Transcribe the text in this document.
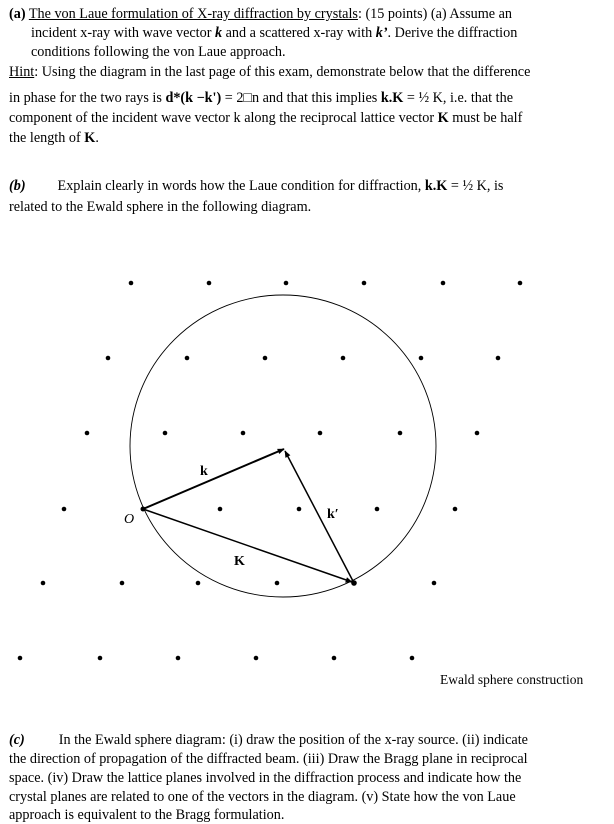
(a) The von Laue formulation of X-ray diffraction by crystals: (15 points) (a) Assume an
incident x-ray with wave vector k and a scattered x-ray with k’. Derive the diffraction
conditions following the von Laue approach.
Hint: Using the diagram in the last page of this exam, demonstrate below that the difference
in phase for the two rays is d*(k −k') = 2□n and that this implies k.K = ½ K, i.e. that the
component of the incident wave vector k along the reciprocal lattice vector K must be half
the length of K.
(b) Explain clearly in words how the Laue condition for diffraction, k.K = ½ K, is
related to the Ewald sphere in the following diagram.
O
k
k′
K
Ewald sphere construction
(c) In the Ewald sphere diagram: (i) draw the position of the x-ray source. (ii) indicate
the direction of propagation of the diffracted beam. (iii) Draw the Bragg plane in reciprocal
space. (iv) Draw the lattice planes involved in the diffraction process and indicate how the
crystal planes are related to one of the vectors in the diagram. (v) State how the von Laue
approach is equivalent to the Bragg formulation.
